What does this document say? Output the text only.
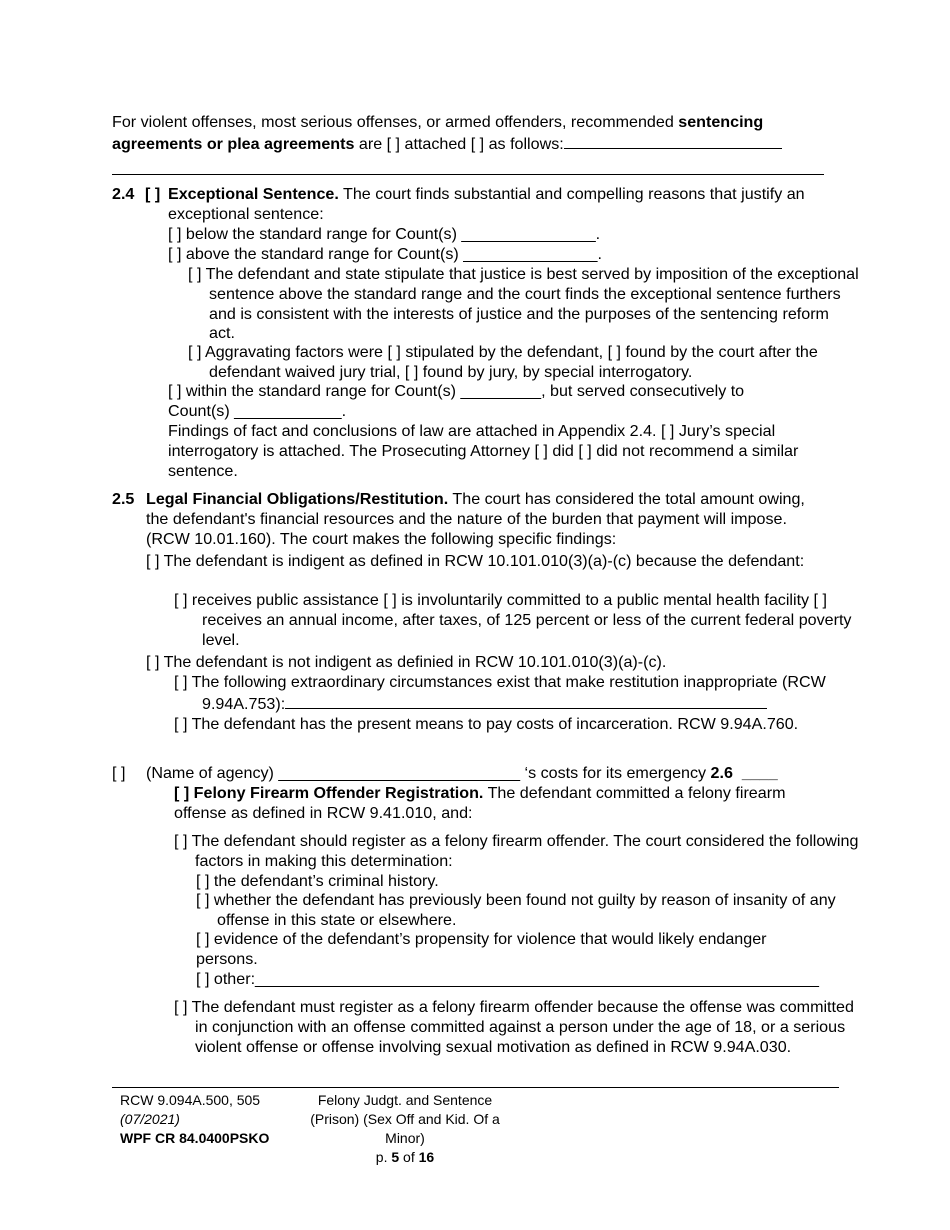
For violent offenses, most serious offenses, or armed offenders, recommended sentencing agreements or plea agreements are [ ] attached [ ] as follows:
2.4 [ ] Exceptional Sentence. The court finds substantial and compelling reasons that justify an exceptional sentence:

[ ] below the standard range for Count(s) _______________.

[ ] above the standard range for Count(s) _______________.

[ ] The defendant and state stipulate that justice is best served by imposition of the exceptional sentence above the standard range and the court finds the exceptional sentence furthers and is consistent with the interests of justice and the purposes of the sentencing reform act.

[ ] Aggravating factors were [ ] stipulated by the defendant, [ ] found by the court after the defendant waived jury trial, [ ] found by jury, by special interrogatory.

[ ] within the standard range for Count(s) _________, but served consecutively to Count(s) ____________.

Findings of fact and conclusions of law are attached in Appendix 2.4. [ ] Jury’s special interrogatory is attached. The Prosecuting Attorney [ ] did [ ] did not recommend a similar sentence.

2.5 Legal Financial Obligations/Restitution. The court has considered the total amount owing, the defendant's financial resources and the nature of the burden that payment will impose. (RCW 10.01.160). The court makes the following specific findings:

[ ] The defendant is indigent as defined in RCW 10.101.010(3)(a)-(c) because the defendant:

[ ] receives public assistance [ ] is involuntarily committed to a public mental health facility [ ] receives an annual income, after taxes, of 125 percent or less of the current federal poverty level.

[ ] The defendant is not indigent as definied in RCW 10.101.010(3)(a)-(c).

[ ] The following extraordinary circumstances exist that make restitution inappropriate (RCW 9.94A.753):

[ ] The defendant has the present means to pay costs of incarceration. RCW 9.94A.760.

[ ] (Name of agency) ___________________________ ‘s costs for its emergency 2.6 ____
[ ] Felony Firearm Offender Registration. The defendant committed a felony firearm offense as defined in RCW 9.41.010, and:

[ ] The defendant should register as a felony firearm offender. The court considered the following factors in making this determination:

[ ] the defendant’s criminal history.

[ ] whether the defendant has previously been found not guilty by reason of insanity of any offense in this state or elsewhere.

[ ] evidence of the defendant’s propensity for violence that would likely endanger persons.

[ ] other:_______________________________________________________________

[ ] The defendant must register as a felony firearm offender because the offense was committed in conjunction with an offense committed against a person under the age of 18, or a serious violent offense or offense involving sexual motivation as defined in RCW 9.94A.030.

RCW 9.094A.500, 505
(07/2021)
WPF CR 84.0400PSKO
Felony Judgt. and Sentence (Prison) (Sex Off and Kid. Of a Minor)
p. 5 of 16
